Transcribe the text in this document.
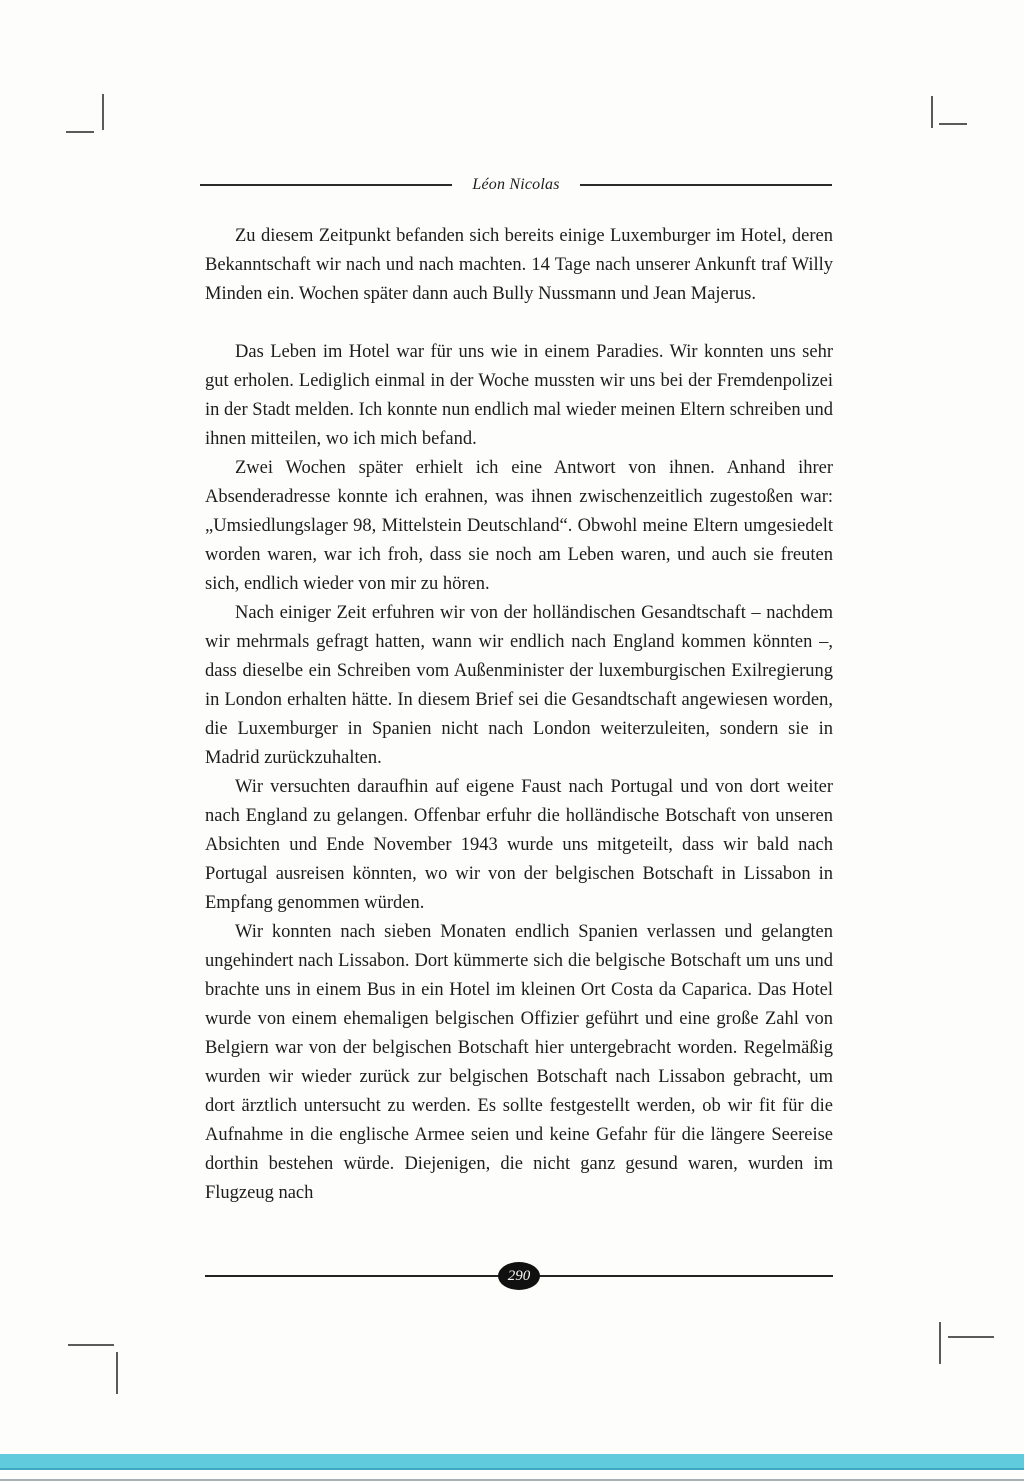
Léon Nicolas

Zu diesem Zeitpunkt befanden sich bereits einige Luxemburger im Hotel, deren Bekanntschaft wir nach und nach machten. 14 Tage nach unserer Ankunft traf Willy Minden ein. Wochen später dann auch Bully Nussmann und Jean Majerus.

Das Leben im Hotel war für uns wie in einem Paradies. Wir konnten uns sehr gut erholen. Lediglich einmal in der Woche mussten wir uns bei der Fremdenpolizei in der Stadt melden. Ich konnte nun endlich mal wieder meinen Eltern schreiben und ihnen mitteilen, wo ich mich befand.

Zwei Wochen später erhielt ich eine Antwort von ihnen. Anhand ihrer Absenderadresse konnte ich erahnen, was ihnen zwischenzeitlich zugestoßen war: „Umsiedlungslager 98, Mittelstein Deutschland“. Obwohl meine Eltern umgesiedelt worden waren, war ich froh, dass sie noch am Leben waren, und auch sie freuten sich, endlich wieder von mir zu hören.

Nach einiger Zeit erfuhren wir von der holländischen Gesandtschaft – nachdem wir mehrmals gefragt hatten, wann wir endlich nach England kommen könnten –, dass dieselbe ein Schreiben vom Außenminister der luxemburgischen Exilregierung in London erhalten hätte. In diesem Brief sei die Gesandtschaft angewiesen worden, die Luxemburger in Spanien nicht nach London weiterzuleiten, sondern sie in Madrid zurückzuhalten.

Wir versuchten daraufhin auf eigene Faust nach Portugal und von dort weiter nach England zu gelangen. Offenbar erfuhr die holländische Botschaft von unseren Absichten und Ende November 1943 wurde uns mitgeteilt, dass wir bald nach Portugal ausreisen könnten, wo wir von der belgischen Botschaft in Lissabon in Empfang genommen würden.

Wir konnten nach sieben Monaten endlich Spanien verlassen und gelangten ungehindert nach Lissabon. Dort kümmerte sich die belgische Botschaft um uns und brachte uns in einem Bus in ein Hotel im kleinen Ort Costa da Caparica. Das Hotel wurde von einem ehemaligen belgischen Offizier geführt und eine große Zahl von Belgiern war von der belgischen Botschaft hier untergebracht worden. Regelmäßig wurden wir wieder zurück zur belgischen Botschaft nach Lissabon gebracht, um dort ärztlich untersucht zu werden. Es sollte festgestellt werden, ob wir fit für die Aufnahme in die englische Armee seien und keine Gefahr für die längere Seereise dorthin bestehen würde. Diejenigen, die nicht ganz gesund waren, wurden im Flugzeug nach

290
